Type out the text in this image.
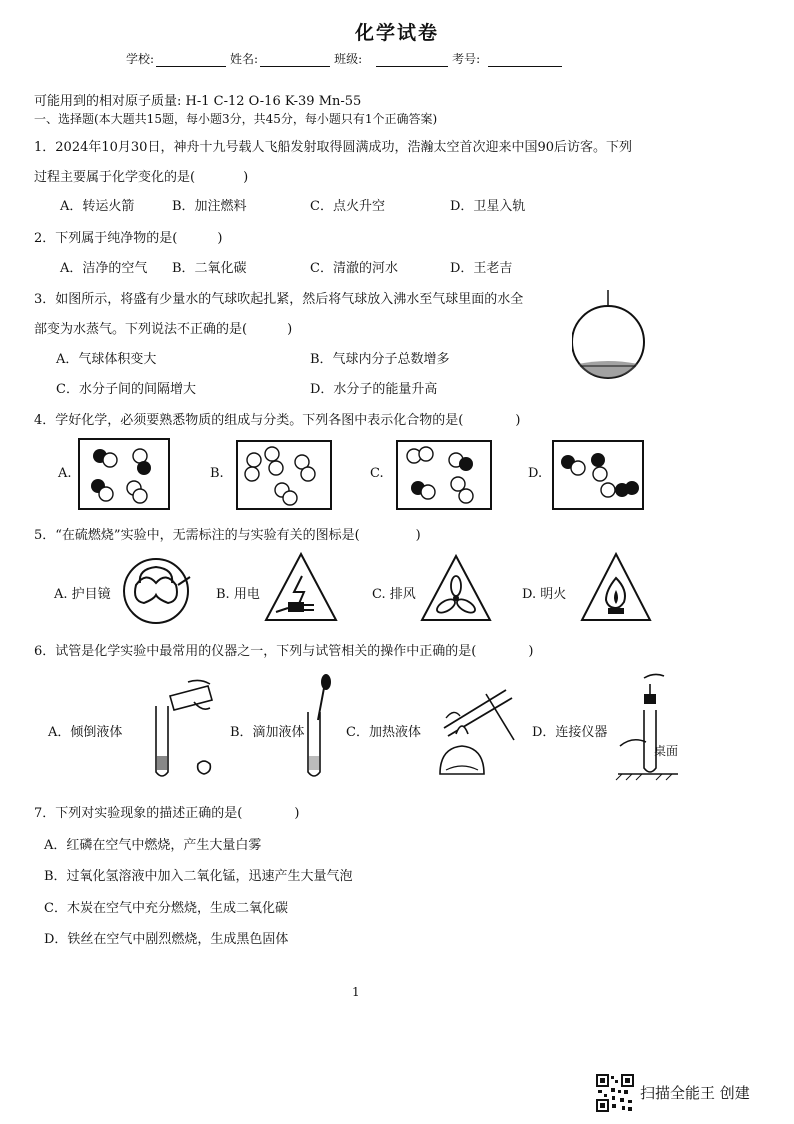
化学试卷
学校:	姓名:	班级:	考号:
可能用到的相对原子质量: H-1 C-12 O-16 K-39 Mn-55
一、选择题(本大题共15题，每小题3分，共45分，每小题只有1个正确答案)
1．2024年10月30日，神舟十九号载人飞船发射取得圆满成功，浩瀚太空首次迎来中国90后访客。下列
过程主要属于化学变化的是(	)
A．转运火箭	B．加注燃料	C．点火升空	D．卫星入轨
2．下列属于纯净物的是(	)
A．洁净的空气 B．二氧化碳	C．清澈的河水	D．王老吉
3．如图所示，将盛有少量水的气球吹起扎紧，然后将气球放入沸水至气球里面的水全
部变为水蒸气。下列说法不正确的是(	)
A．气球体积变大	B．气球内分子总数增多
C．水分子间的间隔增大	D．水分子的能量升高
4．学好化学，必须要熟悉物质的组成与分类。下列各图中表示化合物的是(	)
A.	B.	C.	D.
5．“在硫燃烧”实验中，无需标注的与实验有关的图标是(	)
A. 护目镜	B. 用电	C. 排风	D. 明火
6．试管是化学实验中最常用的仪器之一，下列与试管相关的操作中正确的是(	)
A．倾倒液体	B．滴加液体	C．加热液体	D．连接仪器
桌面
7．下列对实验现象的描述正确的是(	)
A．红磷在空气中燃烧，产生大量白雾
B．过氧化氢溶液中加入二氧化锰，迅速产生大量气泡
C．木炭在空气中充分燃烧，生成二氧化碳
D．铁丝在空气中剧烈燃烧，生成黑色固体
1
扫描全能王 创建
